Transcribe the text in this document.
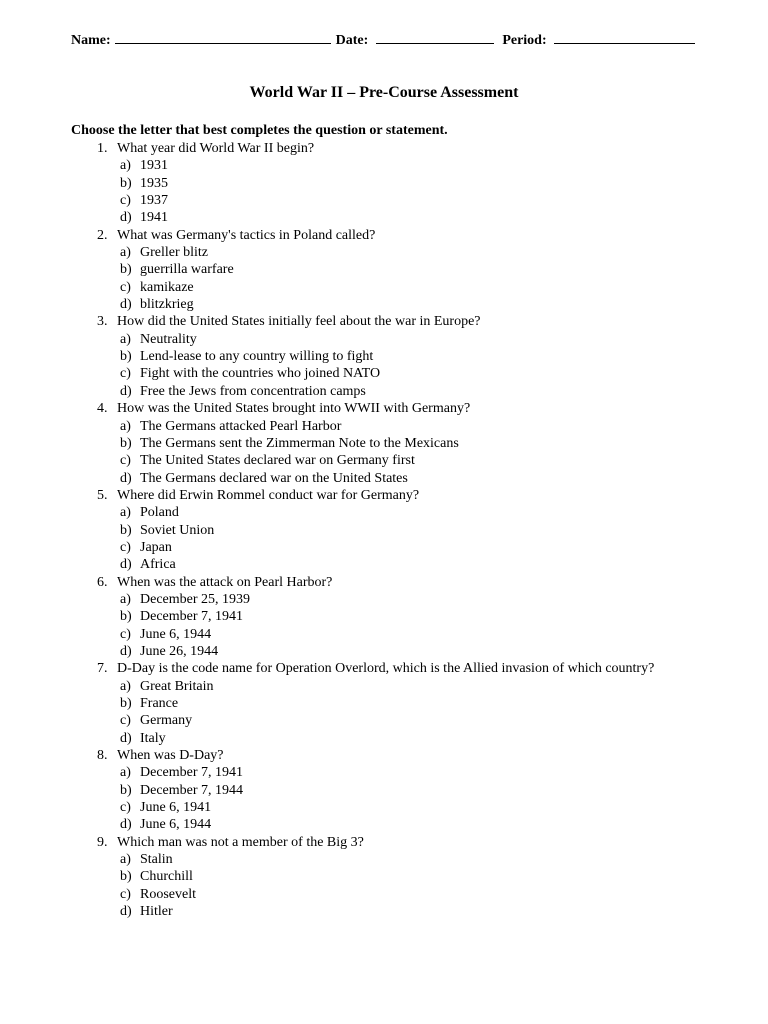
Name:	Date:	Period:
World War II – Pre-Course Assessment
Choose the letter that best completes the question or statement.
1. What year did World War II begin?
a) 1931
b) 1935
c) 1937
d) 1941
2. What was Germany's tactics in Poland called?
a) Greller blitz
b) guerrilla warfare
c) kamikaze
d) blitzkrieg
3. How did the United States initially feel about the war in Europe?
a) Neutrality
b) Lend-lease to any country willing to fight
c) Fight with the countries who joined NATO
d) Free the Jews from concentration camps
4. How was the United States brought into WWII with Germany?
a) The Germans attacked Pearl Harbor
b) The Germans sent the Zimmerman Note to the Mexicans
c) The United States declared war on Germany first
d) The Germans declared war on the United States
5. Where did Erwin Rommel conduct war for Germany?
a) Poland
b) Soviet Union
c) Japan
d) Africa
6. When was the attack on Pearl Harbor?
a) December 25, 1939
b) December 7, 1941
c) June 6, 1944
d) June 26, 1944
7. D-Day is the code name for Operation Overlord, which is the Allied invasion of which country?
a) Great Britain
b) France
c) Germany
d) Italy
8. When was D-Day?
a) December 7, 1941
b) December 7, 1944
c) June 6, 1941
d) June 6, 1944
9. Which man was not a member of the Big 3?
a) Stalin
b) Churchill
c) Roosevelt
d) Hitler
